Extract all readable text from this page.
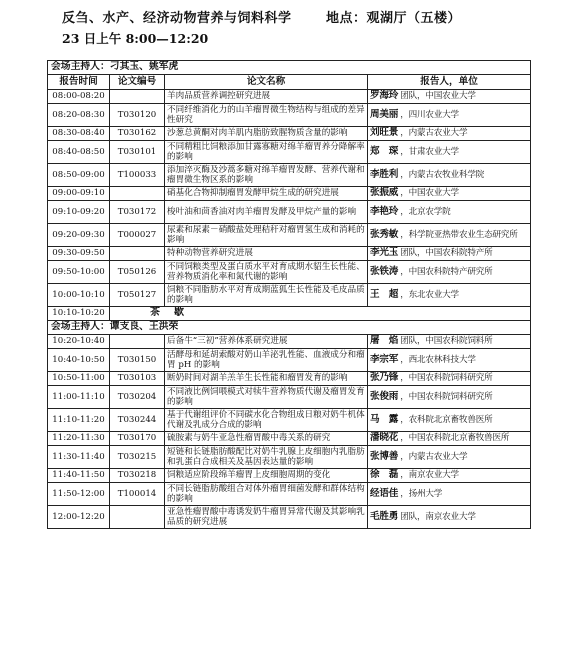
反刍、水产、经济动物营养与饲料科学	地点：观湖厅（五楼）
23 日上午 8:00—12:20
会场主持人：刁其玉、姚军虎			
报告时间	论文编号	论文名称	报告人，单位
08:00-08:20		羊肉品质营养调控研究进展	罗海玲 团队，中国农业大学
08:20-08:30	T030120	不同纤维消化力的山羊瘤胃微生物结构与组成的差异性研究	周美丽 ，四川农业大学
08:30-08:40	T030162	沙葱总黄酮对肉羊肌内脂肪致腥物质含量的影响	刘旺景 ，内蒙古农业大学
08:40-08:50	T030101	不同精粗比饲粮添加甘露寡糖对绵羊瘤胃养分降解率的影响	郑　琛 ，甘肃农业大学
08:50-09:00	T100033	添加淬灭酶及沙蒿多糖对绵羊瘤胃发酵、营养代谢和瘤胃微生物区系的影响	李胜利 ，内蒙古农牧业科学院
09:00-09:10		硝基化合物抑制瘤胃发酵甲烷生成的研究进展	张振威 ，中国农业大学
09:10-09:20	T030172	梭叶油和茴香油对肉羊瘤胃发酵及甲烷产量的影响	李艳玲 ，北京农学院
09:20-09:30	T000027	尿素和尿素－硝酸盐处理秸秆对瘤胃氢生成和消耗的影响	张秀敏 ，科学院亚热带农业生态研究所
09:30-09:50		特种动物营养研究进展	李光玉 团队，中国农科院特产所
09:50-10:00	T050126	不同饲粮类型及蛋白质水平对育成期水貂生长性能、营养物质消化率和氮代谢的影响	张铁涛 ，中国农科院特产研究所
10:00-10:10	T050127	饲粮不同脂肪水平对育成期蓝狐生长性能及毛皮品质的影响	王　超 ，东北农业大学
10:10-10:20	茶　歇		
会场主持人：谭支良、王洪荣			
10:20-10:40		后备牛“三初”营养体系研究进展	屠　焰 团队，中国农科院饲料所
10:40-10:50	T030150	活酵母和延胡索酸对奶山羊泌乳性能、血液成分和瘤胃 pH 的影响	李宗军 ，西北农林科技大学
10:50-11:00	T030103	断奶时间对湖羊羔羊生长性能和瘤胃发育的影响	张乃锋 ，中国农科院饲料研究所
11:00-11:10	T030204	不同液比例饲喂模式对犊牛营养物质代谢及瘤胃发育的影响	张俊雨 ，中国农科院饲料研究所
11:10-11:20	T030244	基于代谢组评价不同碳水化合物组成日粮对奶牛机体代谢及乳成分合成的影响	马　露 ，农科院北京畜牧兽医所
11:20-11:30	T030170	硫胺素与奶牛亚急性瘤胃酸中毒关系的研究	潘晓花 ，中国农科院北京畜牧兽医所
11:30-11:40	T030215	短链和长链脂肪酸配比对奶牛乳腺上皮细胞内乳脂肪和乳蛋白合成相关及基因表达量的影响	张博善 ，内蒙古农业大学
11:40-11:50	T030218	饲粮适应阶段绵羊瘤胃上皮细胞周期的变化	徐　磊 ，南京农业大学
11:50-12:00	T100014	不同长链脂肪酸组合对体外瘤胃细菌发酵和群体结构的影响	经语佳 ，扬州大学
12:00-12:20		亚急性瘤胃酸中毒诱发奶牛瘤胃异常代谢及其影响乳品质的研究进展	毛胜勇 团队，南京农业大学
